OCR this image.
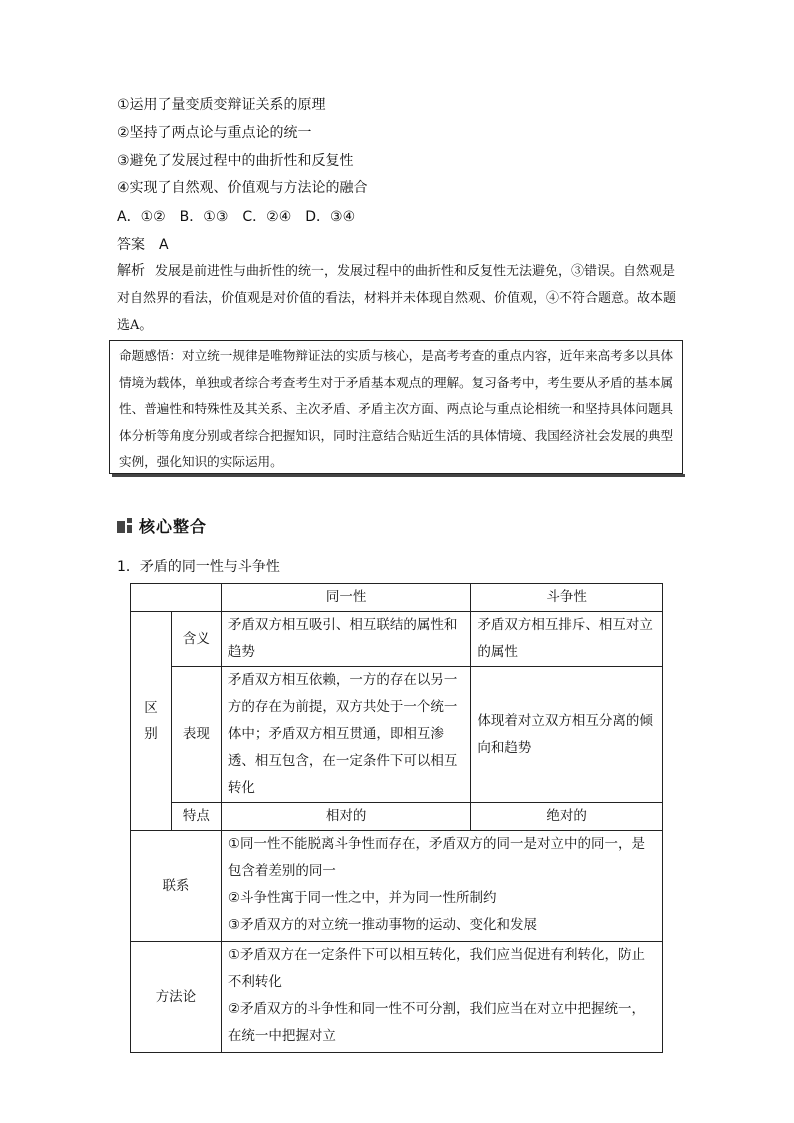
①运用了量变质变辩证关系的原理
②坚持了两点论与重点论的统一
③避免了发展过程中的曲折性和反复性
④实现了自然观、价值观与方法论的融合
A．①②　B．①③　C．②④　D．③④
答案 A
解析 发展是前进性与曲折性的统一，发展过程中的曲折性和反复性无法避免，③错误。自然观是对自然界的看法，价值观是对价值的看法，材料并未体现自然观、价值观，④不符合题意。故本题选A。
命题感悟：对立统一规律是唯物辩证法的实质与核心，是高考考查的重点内容，近年来高考多以具体情境为载体，单独或者综合考查考生对于矛盾基本观点的理解。复习备考中，考生要从矛盾的基本属性、普遍性和特殊性及其关系、主次矛盾、矛盾主次方面、两点论与重点论相统一和坚持具体问题具体分析等角度分别或者综合把握知识，同时注意结合贴近生活的具体情境、我国经济社会发展的典型实例，强化知识的实际运用。
核心整合
1．矛盾的同一性与斗争性
		同一性	斗争性
区别	含义	矛盾双方相互吸引、相互联结的属性和趋势	矛盾双方相互排斥、相互对立的属性
	表现	矛盾双方相互依赖，一方的存在以另一方的存在为前提，双方共处于一个统一体中；矛盾双方相互贯通，即相互渗透、相互包含，在一定条件下可以相互转化	体现着对立双方相互分离的倾向和趋势
	特点	相对的	绝对的
联系		①同一性不能脱离斗争性而存在，矛盾双方的同一是对立中的同一，是包含着差别的同一
②斗争性寓于同一性之中，并为同一性所制约
③矛盾双方的对立统一推动事物的运动、变化和发展	

方法论		①矛盾双方在一定条件下可以相互转化，我们应当促进有利转化，防止不利转化
②矛盾双方的斗争性和同一性不可分割，我们应当在对立中把握统一，在统一中把握对立	
